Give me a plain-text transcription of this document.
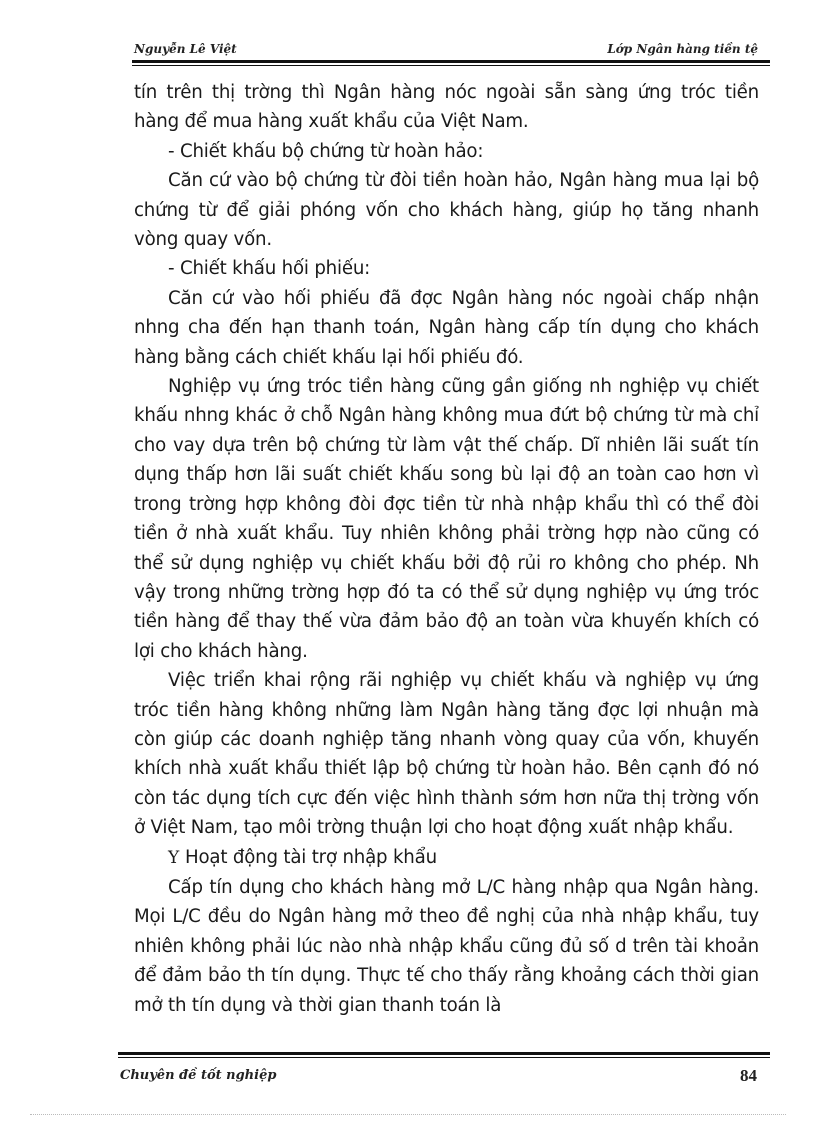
Nguyễn Lê Việt	Lớp Ngân hàng tiền tệ

tín trên thị trờng thì Ngân hàng nóc ngoài sẵn sàng ứng tróc tiền hàng để mua hàng xuất khẩu của Việt Nam.

- Chiết khấu bộ chứng từ hoàn hảo:

Căn cứ vào bộ chứng từ đòi tiền hoàn hảo, Ngân hàng mua lại bộ chứng từ để giải phóng vốn cho khách hàng, giúp họ tăng nhanh vòng quay vốn.

- Chiết khấu hối phiếu:

Căn cứ vào hối phiếu đã đợc Ngân hàng nóc ngoài chấp nhận nhng cha đến hạn thanh toán, Ngân hàng cấp tín dụng cho khách hàng bằng cách chiết khấu lại hối phiếu đó.

Nghiệp vụ ứng tróc tiền hàng cũng gần giống nh nghiệp vụ chiết khấu nhng khác ở chỗ Ngân hàng không mua đứt bộ chứng từ mà chỉ cho vay dựa trên bộ chứng từ làm vật thế chấp. Dĩ nhiên lãi suất tín dụng thấp hơn lãi suất chiết khấu song bù lại độ an toàn cao hơn vì trong trờng hợp không đòi đợc tiền từ nhà nhập khẩu thì có thể đòi tiền ở nhà xuất khẩu. Tuy nhiên không phải trờng hợp nào cũng có thể sử dụng nghiệp vụ chiết khấu bởi độ rủi ro không cho phép. Nh vậy trong những trờng hợp đó ta có thể sử dụng nghiệp vụ ứng tróc tiền hàng để thay thế vừa đảm bảo độ an toàn vừa khuyến khích có lợi cho khách hàng.

Việc triển khai rộng rãi nghiệp vụ chiết khấu và nghiệp vụ ứng tróc tiền hàng không những làm Ngân hàng tăng đợc lợi nhuận mà còn giúp các doanh nghiệp tăng nhanh vòng quay của vốn, khuyến khích nhà xuất khẩu thiết lập bộ chứng từ hoàn hảo. Bên cạnh đó nó còn tác dụng tích cực đến việc hình thành sớm hơn nữa thị trờng vốn ở Việt Nam, tạo môi trờng thuận lợi cho hoạt động xuất nhập khẩu.

Y Hoạt động tài trợ nhập khẩu

Cấp tín dụng cho khách hàng mở L/C hàng nhập qua Ngân hàng. Mọi L/C đều do Ngân hàng mở theo đề nghị của nhà nhập khẩu, tuy nhiên không phải lúc nào nhà nhập khẩu cũng đủ số d trên tài khoản để đảm bảo th tín dụng. Thực tế cho thấy rằng khoảng cách thời gian mở th tín dụng và thời gian thanh toán là

Chuyên đề tốt nghiệp	84
